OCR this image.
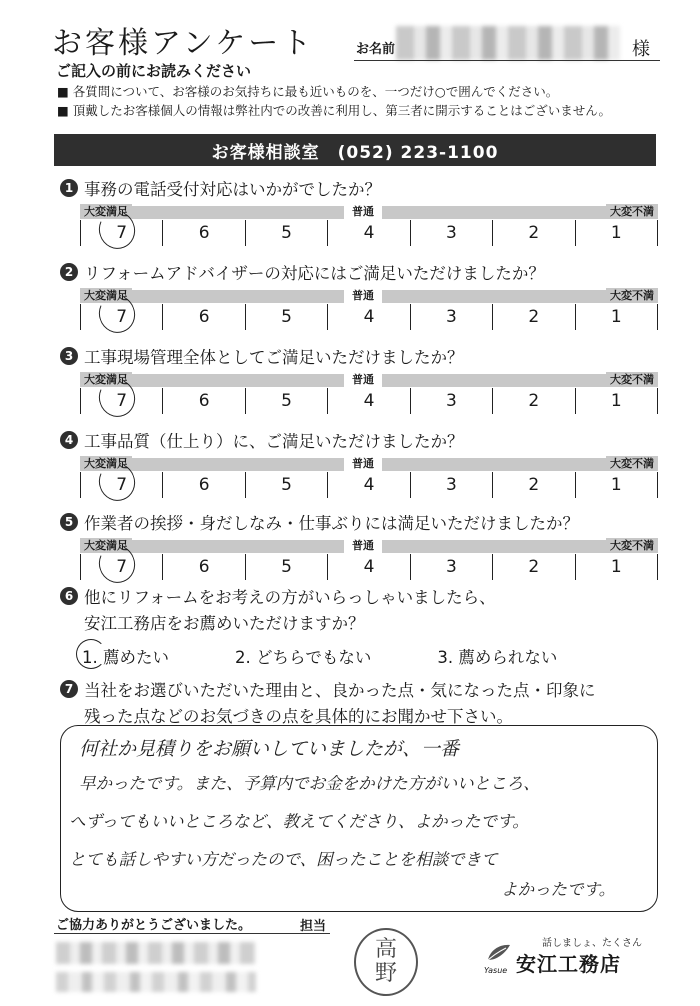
お客様アンケート	お名前	様
ご記入の前にお読みください
■ 各質問について、お客様のお気持ちに最も近いものを、一つだけ○で囲んでください。
■ 頂戴したお客様個人の情報は弊社内での改善に利用し、第三者に開示することはございません。
お客様相談室　(052) 223-1100
1 事務の電話受付対応はいかがでしたか？
大変満足	普通	大変不満
7	6	5	4	3	2	1
2 リフォームアドバイザーの対応にはご満足いただけましたか？
大変満足	普通	大変不満
7	6	5	4	3	2	1
3 工事現場管理全体としてご満足いただけましたか？
大変満足	普通	大変不満
7	6	5	4	3	2	1
4 工事品質（仕上り）に、ご満足いただけましたか？
大変満足	普通	大変不満
7	6	5	4	3	2	1
5 作業者の挨拶・身だしなみ・仕事ぶりには満足いただけましたか？
大変満足	普通	大変不満
7	6	5	4	3	2	1
6 他にリフォームをお考えの方がいらっしゃいましたら、
安江工務店をお薦めいただけますか？
1. 薦めたい	2. どちらでもない	3. 薦められない
7 当社をお選びいただいた理由と、良かった点・気になった点・印象に
残った点などのお気づきの点を具体的にお聞かせ下さい。
何社か見積りをお願いしていましたが、一番
早かったです。また、予算内でお金をかけた方がいいところ、
へずってもいいところなど、教えてくださり、よかったです。
とても話しやすい方だったので、困ったことを相談できて
よかったです。
ご協力ありがとうございました。	担当
高
野	Yasue
話しましょ、たくさん
安江工務店
